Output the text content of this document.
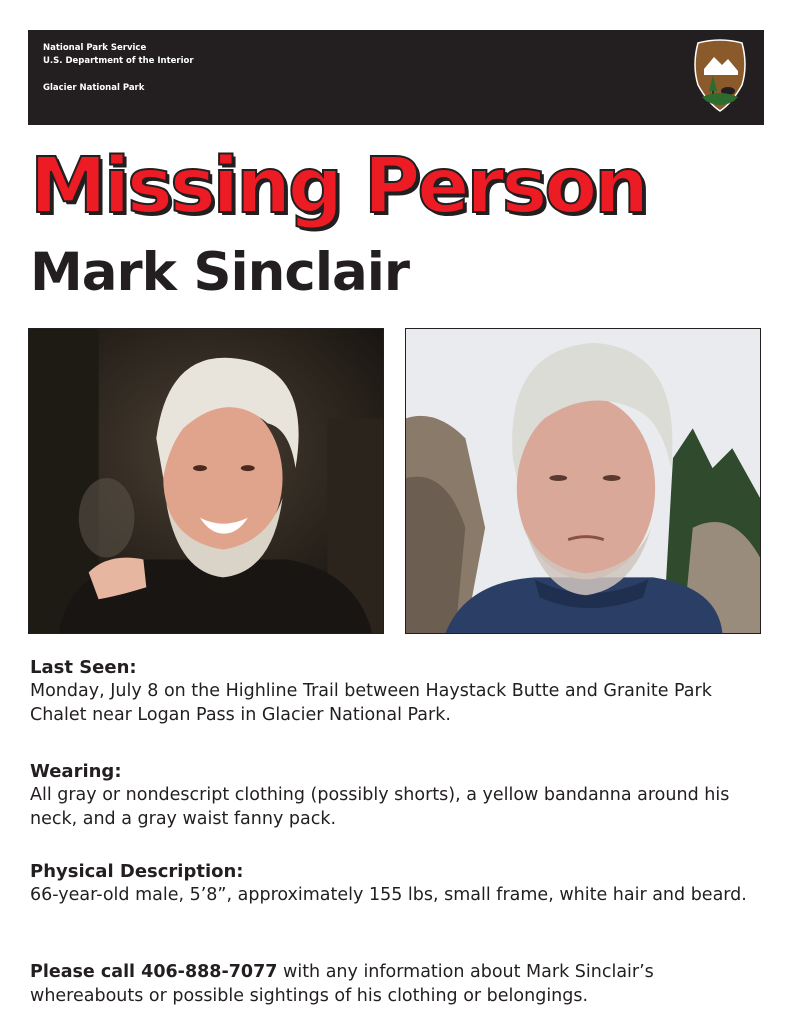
National Park Service
U.S. Department of the Interior
Glacier National Park
Missing Person
Mark Sinclair
Last Seen:
Monday, July 8 on the Highline Trail between Haystack Butte and Granite Park Chalet near Logan Pass in Glacier National Park.
Wearing:
All gray or nondescript clothing (possibly shorts), a yellow bandanna around his neck, and a gray waist fanny pack.
Physical Description:
66-year-old male, 5’8”, approximately 155 lbs, small frame, white hair and beard.
Please call 406-888-7077 with any information about Mark Sinclair’s whereabouts or possible sightings of his clothing or belongings.
